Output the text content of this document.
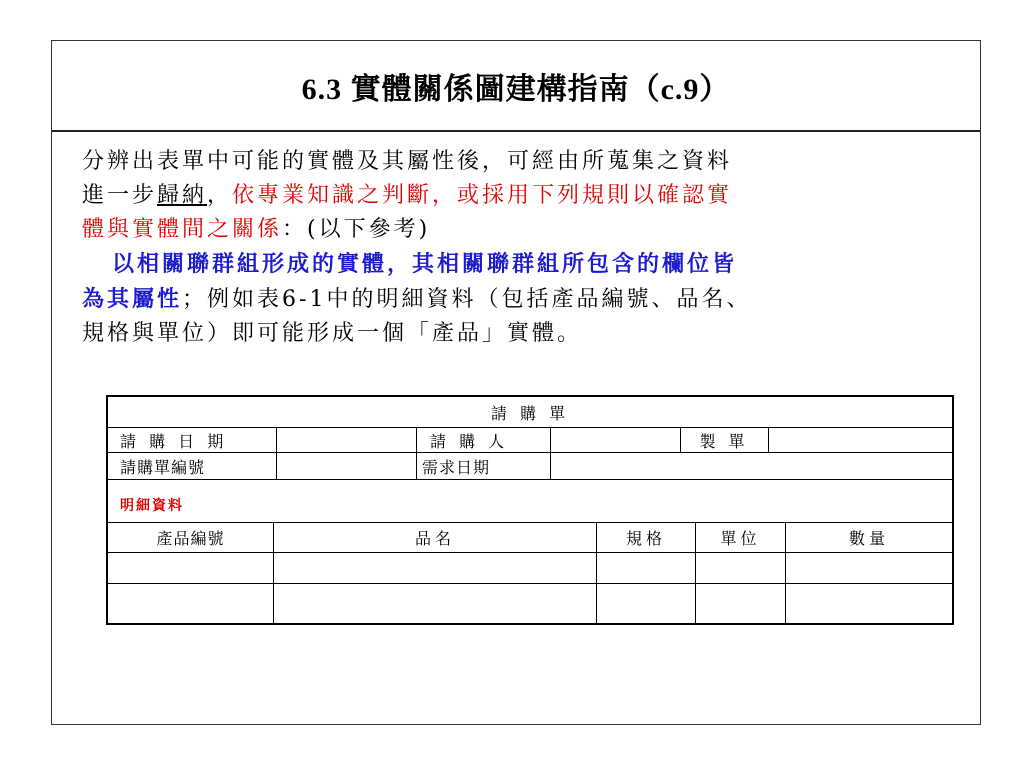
6.3 實體關係圖建構指南（c.9）

分辨出表單中可能的實體及其屬性後，可經由所蒐集之資料

進一步歸納，依專業知識之判斷，或採用下列規則以確認實

體與實體間之關係：(以下參考)

以相關聯群組形成的實體，其相關聯群組所包含的欄位皆

為其屬性；例如表6-1中的明細資料（包括產品編號、品名、

規格與單位）即可能形成一個「產品」實體。

請 購 單
請 購 日 期	請 購 人	製 單
請購單編號	需求日期
明細資料
產品編號	品名	規格	單位	數量
